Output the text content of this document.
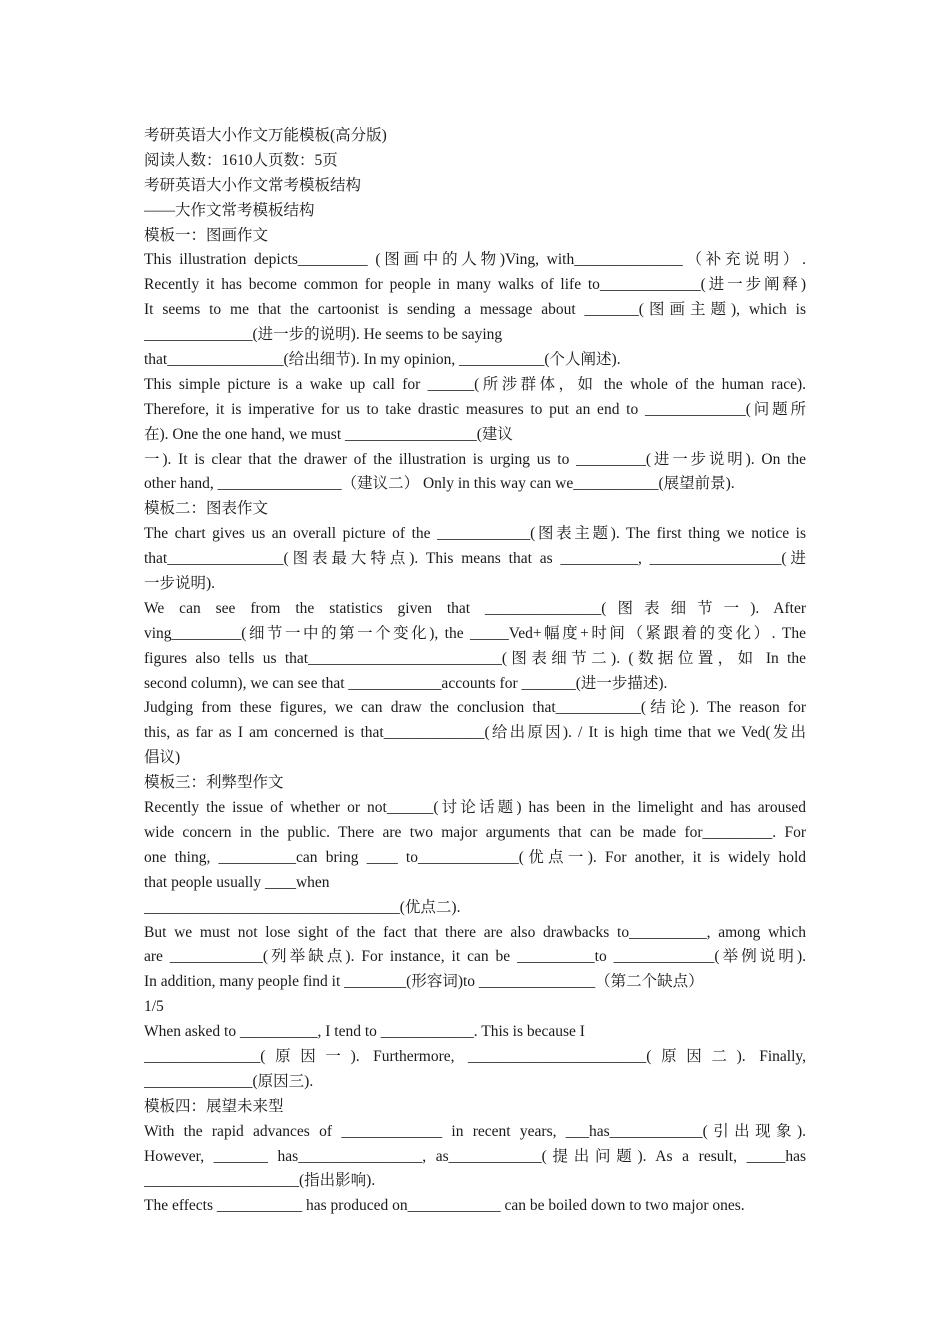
考研英语大小作文万能模板(高分版)
阅读人数：1610人页数：5页
考研英语大小作文常考模板结构
——大作文常考模板结构
模板一：图画作文
This illustration depicts_________ (图画中的人物)Ving, with______________（补充说明）.
Recently it has become common for people in many walks of life to_____________(进一步阐释)
It seems to me that the cartoonist is sending a message about _______(图画主题), which is
______________(进一步的说明). He seems to be saying
that_______________(给出细节). In my opinion, ___________(个人阐述).
This simple picture is a wake up call for ______(所涉群体，如 the whole of the human race).
Therefore, it is imperative for us to take drastic measures to put an end to _____________(问题所
在). One the one hand, we must _________________(建议
一). It is clear that the drawer of the illustration is urging us to _________(进一步说明). On the
other hand, ________________（建议二） Only in this way can we___________(展望前景).
模板二：图表作文
The chart gives us an overall picture of the ____________(图表主题). The first thing we notice is
that_______________(图表最大特点). This means that as __________, _________________(进
一步说明).
We can see from the statistics given that _______________(图表细节一). After
ving_________(细节一中的第一个变化), the _____Ved+幅度+时间（紧跟着的变化）. The
figures also tells us that_________________________(图表细节二). (数据位置，如 In the
second column), we can see that ____________accounts for _______(进一步描述).
Judging from these figures, we can draw the conclusion that___________(结论). The reason for
this, as far as I am concerned is that_____________(给出原因). / It is high time that we Ved(发出
倡议)
模板三：利弊型作文
Recently the issue of whether or not______(讨论话题) has been in the limelight and has aroused
wide concern in the public. There are two major arguments that can be made for_________. For
one thing, __________can bring ____ to_____________(优点一). For another, it is widely hold
that people usually ____when
_________________________________(优点二).
But we must not lose sight of the fact that there are also drawbacks to__________, among which
are ____________(列举缺点). For instance, it can be __________to _____________(举例说明).
In addition, many people find it ________(形容词)to _______________（第二个缺点）
1/5
When asked to __________, I tend to ____________. This is because I
_______________(原因一). Furthermore, _______________________(原因二). Finally,
______________(原因三).
模板四：展望未来型
With the rapid advances of _____________ in recent years, ___has____________(引出现象).
However, _______ has________________, as____________(提出问题). As a result, _____has
____________________(指出影响).
The effects ___________ has produced on____________ can be boiled down to two major ones.
